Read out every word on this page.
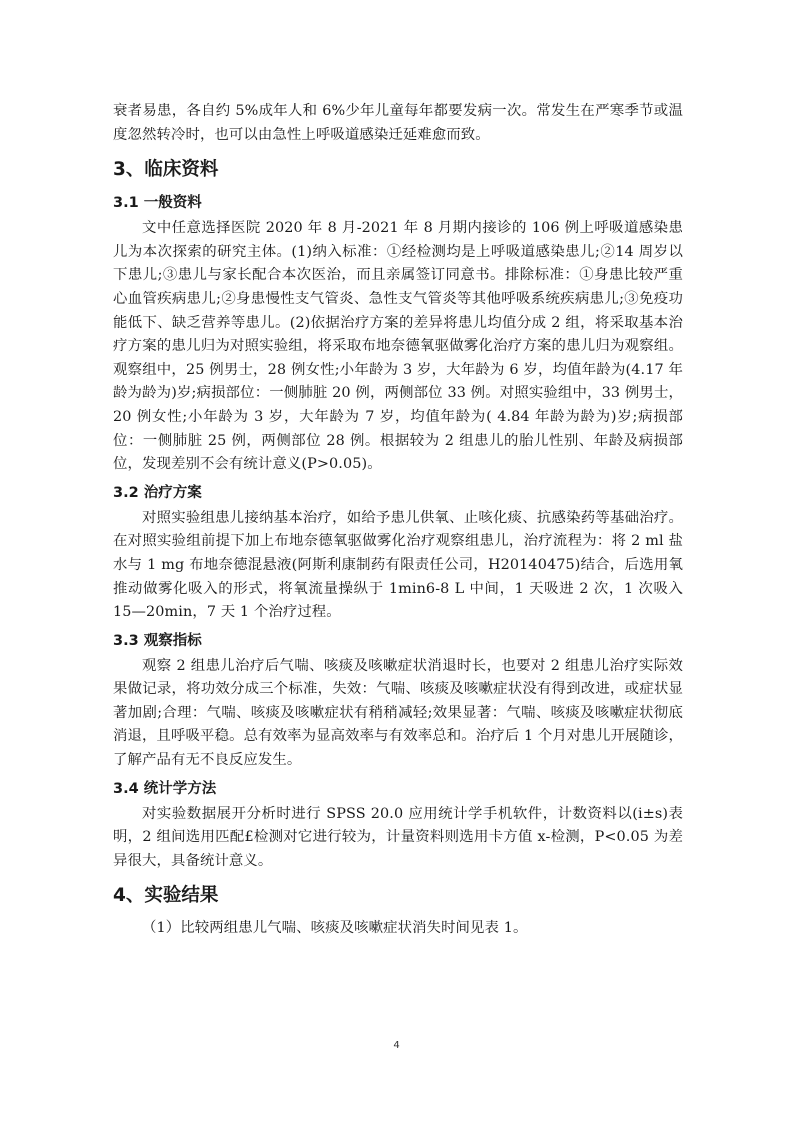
衰者易患，各自约 5%成年人和 6%少年儿童每年都要发病一次。常发生在严寒季节或温度忽然转冷时，也可以由急性上呼吸道感染迁延难愈而致。

3、临床资料
3.1 一般资料

文中任意选择医院 2020 年 8 月-2021 年 8 月期内接诊的 106 例上呼吸道感染患儿为本次探索的研究主体。(1)纳入标准：①经检测均是上呼吸道感染患儿;②14 周岁以下患儿;③患儿与家长配合本次医治，而且亲属签订同意书。排除标准：①身患比较严重心血管疾病患儿;②身患慢性支气管炎、急性支气管炎等其他呼吸系统疾病患儿;③免疫功能低下、缺乏营养等患儿。(2)依据治疗方案的差异将患儿均值分成 2 组，将采取基本治疗方案的患儿归为对照实验组，将采取布地奈德氧驱做雾化治疗方案的患儿归为观察组。观察组中，25 例男士，28 例女性;小年龄为 3 岁，大年龄为 6 岁，均值年龄为(4.17 年龄为龄为)岁;病损部位：一侧肺脏 20 例，两侧部位 33 例。对照实验组中，33 例男士，20 例女性;小年龄为 3 岁，大年龄为 7 岁，均值年龄为( 4.84 年龄为龄为)岁;病损部位：一侧肺脏 25 例，两侧部位 28 例。根据较为 2 组患儿的胎儿性别、年龄及病损部位，发现差别不会有统计意义(P>0.05)。

3.2 治疗方案

对照实验组患儿接纳基本治疗，如给予患儿供氧、止咳化痰、抗感染药等基础治疗。在对照实验组前提下加上布地奈德氧驱做雾化治疗观察组患儿，治疗流程为：将 2 ml 盐水与 1 mg 布地奈德混悬液(阿斯利康制药有限责任公司，H20140475)结合，后选用氧推动做雾化吸入的形式，将氧流量操纵于 1min6-8 L 中间，1 天吸进 2 次，1 次吸入 15—20min，7 天 1 个治疗过程。

3.3 观察指标

观察 2 组患儿治疗后气喘、咳痰及咳嗽症状消退时长，也要对 2 组患儿治疗实际效果做记录，将功效分成三个标准，失效：气喘、咳痰及咳嗽症状没有得到改进，或症状显著加剧;合理：气喘、咳痰及咳嗽症状有稍稍减轻;效果显著：气喘、咳痰及咳嗽症状彻底消退，且呼吸平稳。总有效率为显高效率与有效率总和。治疗后 1 个月对患儿开展随诊，了解产品有无不良反应发生。

3.4 统计学方法

对实验数据展开分析时进行 SPSS 20.0 应用统计学手机软件，计数资料以(i±s)表明，2 组间选用匹配£检测对它进行较为，计量资料则选用卡方值 x-检测，P<0.05 为差异很大，具备统计意义。

4、实验结果

（1）比较两组患儿气喘、咳痰及咳嗽症状消失时间见表 1。

4
